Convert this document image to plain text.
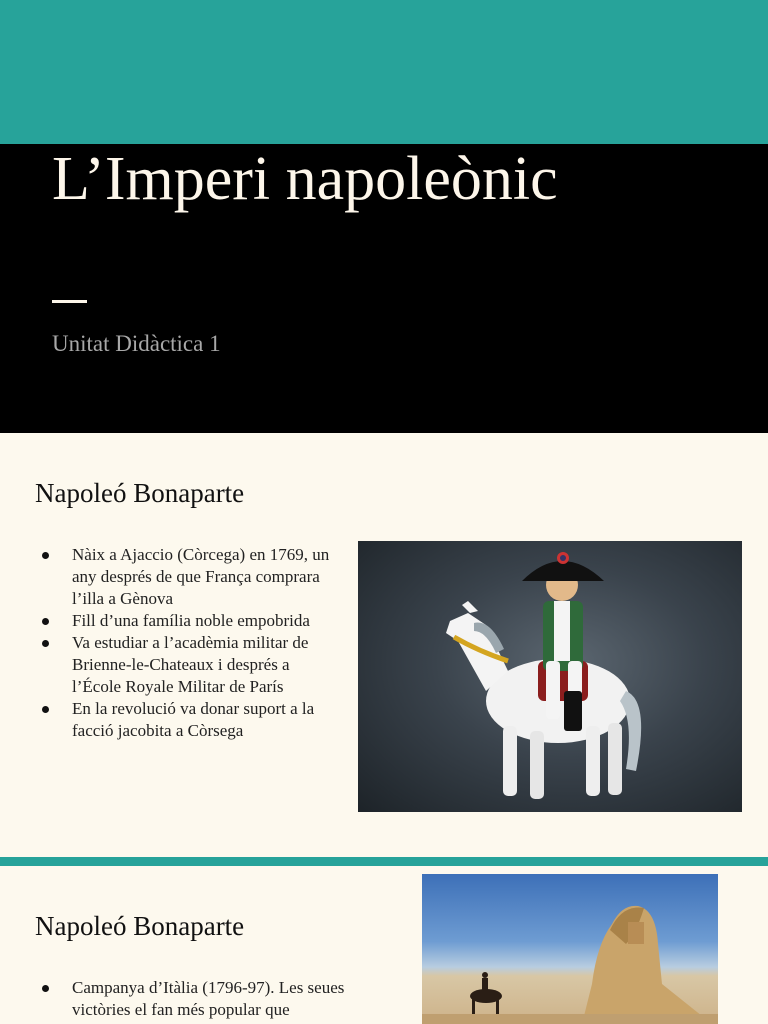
L’Imperi napoleònic
Unitat Didàctica 1
Napoleó Bonaparte
Nàix a Ajaccio (Còrcega) en 1769, un any després de que França comprara l’illa a Gènova
Fill d’una família noble empobrida
Va estudiar a l’acadèmia militar de Brienne-le-Chateaux i després a l’École Royale Militar de París
En la revolució va donar suport a la facció jacobita a Còrsega
Napoleó Bonaparte
Campanya d’Itàlia (1796-97). Les seues victòries el fan més popular que
